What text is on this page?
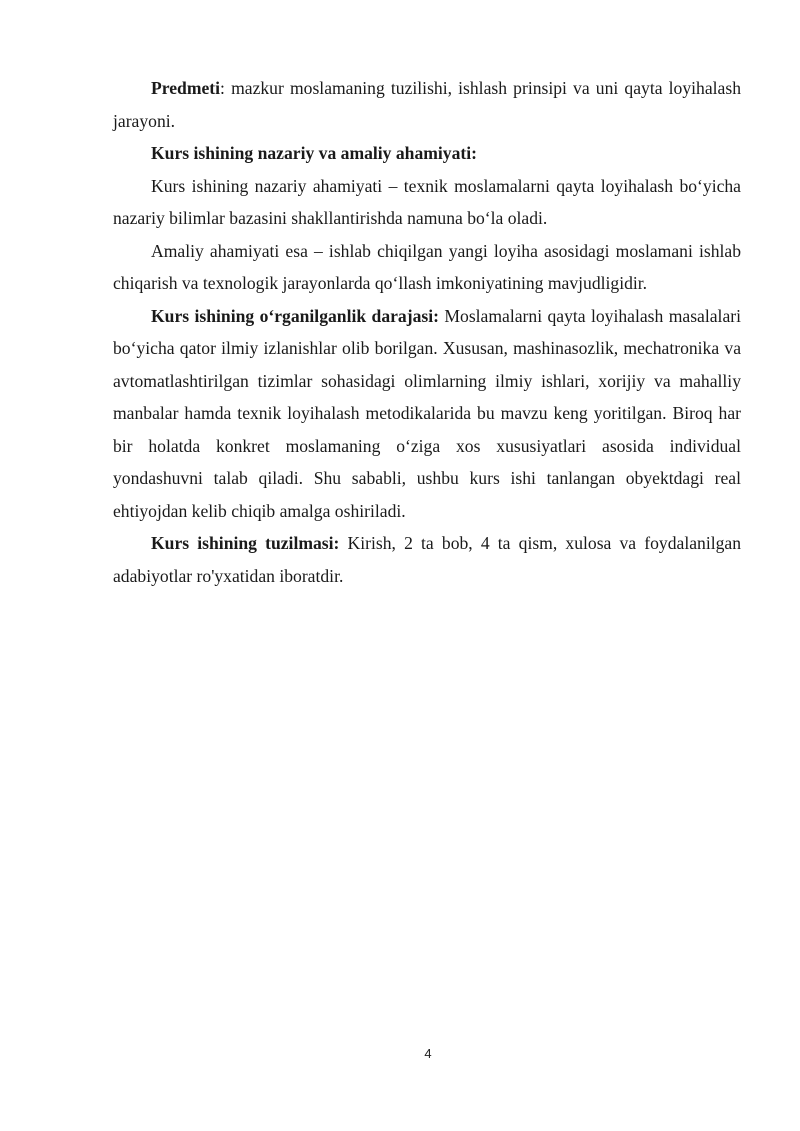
Predmeti: mazkur moslamaning tuzilishi, ishlash prinsipi va uni qayta loyihalash jarayoni.

Kurs ishining nazariy va amaliy ahamiyati:

Kurs ishining nazariy ahamiyati – texnik moslamalarni qayta loyihalash bo‘yicha nazariy bilimlar bazasini shakllantirishda namuna bo‘la oladi.

Amaliy ahamiyati esa – ishlab chiqilgan yangi loyiha asosidagi moslamani ishlab chiqarish va texnologik jarayonlarda qo‘llash imkoniyatining mavjudligidir.

Kurs ishining o‘rganilganlik darajasi: Moslamalarni qayta loyihalash masalalari bo‘yicha qator ilmiy izlanishlar olib borilgan. Xususan, mashinasozlik, mechatronika va avtomatlashtirilgan tizimlar sohasidagi olimlarning ilmiy ishlari, xorijiy va mahalliy manbalar hamda texnik loyihalash metodikalarida bu mavzu keng yoritilgan. Biroq har bir holatda konkret moslamaning o‘ziga xos xususiyatlari asosida individual yondashuvni talab qiladi. Shu sababli, ushbu kurs ishi tanlangan obyektdagi real ehtiyojdan kelib chiqib amalga oshiriladi.

Kurs ishining tuzilmasi: Kirish, 2 ta bob, 4 ta qism, xulosa va foydalanilgan adabiyotlar ro'yxatidan iboratdir.

4
